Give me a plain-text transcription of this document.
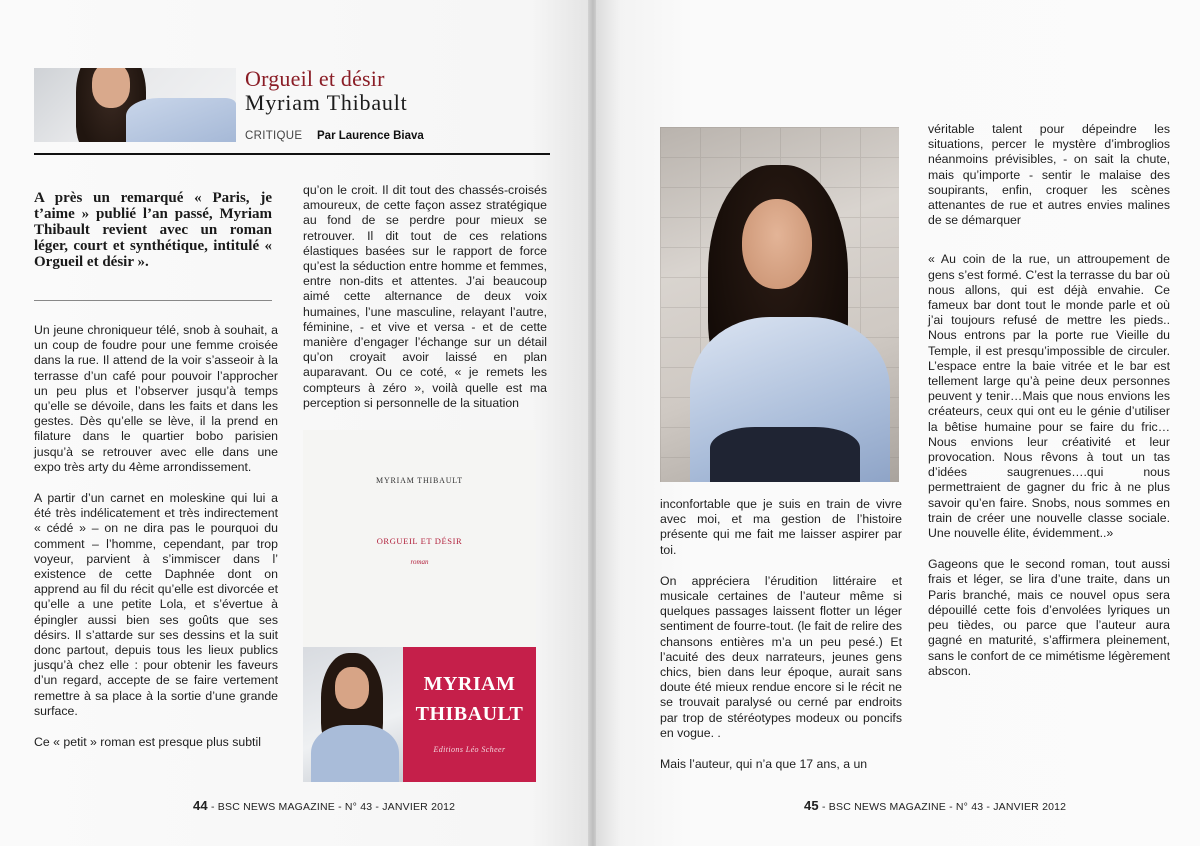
Orgueil et désir
Myriam Thibault
CRITIQUE Par Laurence Biava
A près un remarqué « Paris, je t’aime » publié l’an passé, Myriam Thibault revient avec un roman léger, court et synthétique, intitulé « Orgueil et désir ».

Un jeune chroniqueur télé, snob à souhait, a un coup de foudre pour une femme croisée dans la rue. Il attend de la voir s’asseoir à la terrasse d’un café pour pouvoir l’approcher un peu plus et l’observer jusqu’à temps qu’elle se dévoile, dans les faits et dans les gestes. Dès qu’elle se lève, il la prend en filature dans le quartier bobo parisien jusqu’à se retrouver avec elle dans une expo très arty du 4ème arrondissement.

A partir d’un carnet en moleskine qui lui a été très indélicatement et très indirectement « cédé » – on ne dira pas le pourquoi du comment – l’homme, cependant, par trop voyeur, parvient à s’immiscer dans l’ existence de cette Daphnée dont on apprend au fil du récit qu’elle est divorcée et qu’elle a une petite Lola, et s’évertue à épingler aussi bien ses goûts que ses désirs. Il s’attarde sur ses dessins et la suit donc partout, depuis tous les lieux publics jusqu’à chez elle : pour obtenir les faveurs d’un regard, accepte de se faire vertement remettre à sa place à la sortie d’une grande surface.

Ce « petit » roman est presque plus subtil

qu’on le croit. Il dit tout des chassés-croisés amoureux, de cette façon assez stratégique au fond de se perdre pour mieux se retrouver. Il dit tout de ces relations élastiques basées sur le rapport de force qu’est la séduction entre homme et femmes, entre non-dits et attentes. J’ai beaucoup aimé cette alternance de deux voix humaines, l’une masculine, relayant l’autre, féminine, - et vive et versa - et de cette manière d’engager l’échange sur un détail qu’on croyait avoir laissé en plan auparavant. Ou ce coté, « je remets les compteurs à zéro », voilà quelle est ma perception si personnelle de la situation

MYRIAM THIBAULT
ORGUEIL ET DÉSIR
roman
MYRIAM
THIBAULT
Editions Léo Scheer
44 - BSC NEWS MAGAZINE - N° 43 - JANVIER 2012	45 - BSC NEWS MAGAZINE - N° 43 - JANVIER 2012

inconfortable que je suis en train de vivre avec moi, et ma gestion de l’histoire présente qui me fait me laisser aspirer par toi.

On appréciera l’érudition littéraire et musicale certaines de l’auteur même si quelques passages laissent flotter un léger sentiment de fourre-tout. (le fait de relire des chansons entières m’a un peu pesé.) Et l’acuité des deux narrateurs, jeunes gens chics, bien dans leur époque, aurait sans doute été mieux rendue encore si le récit ne se trouvait paralysé ou cerné par endroits par trop de stéréotypes modeux ou poncifs en vogue. .

Mais l’auteur, qui n’a que 17 ans, a un

véritable talent pour dépeindre les situations, percer le mystère d’imbroglios néanmoins prévisibles, - on sait la chute, mais qu’importe - sentir le malaise des soupirants, enfin, croquer les scènes attenantes de rue et autres envies malines de se démarquer

« Au coin de la rue, un attroupement de gens s’est formé. C’est la terrasse du bar où nous allons, qui est déjà envahie. Ce fameux bar dont tout le monde parle et où j’ai toujours refusé de mettre les pieds.. Nous entrons par la porte rue Vieille du Temple, il est presqu’impossible de circuler. L’espace entre la baie vitrée et le bar est tellement large qu’à peine deux personnes peuvent y tenir…Mais que nous envions les créateurs, ceux qui ont eu le génie d’utiliser la bêtise humaine pour se faire du fric… Nous envions leur créativité et leur provocation. Nous rêvons à tout un tas d’idées saugrenues….qui nous permettraient de gagner du fric à ne plus savoir qu’en faire. Snobs, nous sommes en train de créer une nouvelle classe sociale. Une nouvelle élite, évidemment..»

Gageons que le second roman, tout aussi frais et léger, se lira d’une traite, dans un Paris branché, mais ce nouvel opus sera dépouillé cette fois d’envolées lyriques un peu tièdes, ou parce que l’auteur aura gagné en maturité, s’affirmera pleinement, sans le confort de ce mimétisme légèrement abscon.
